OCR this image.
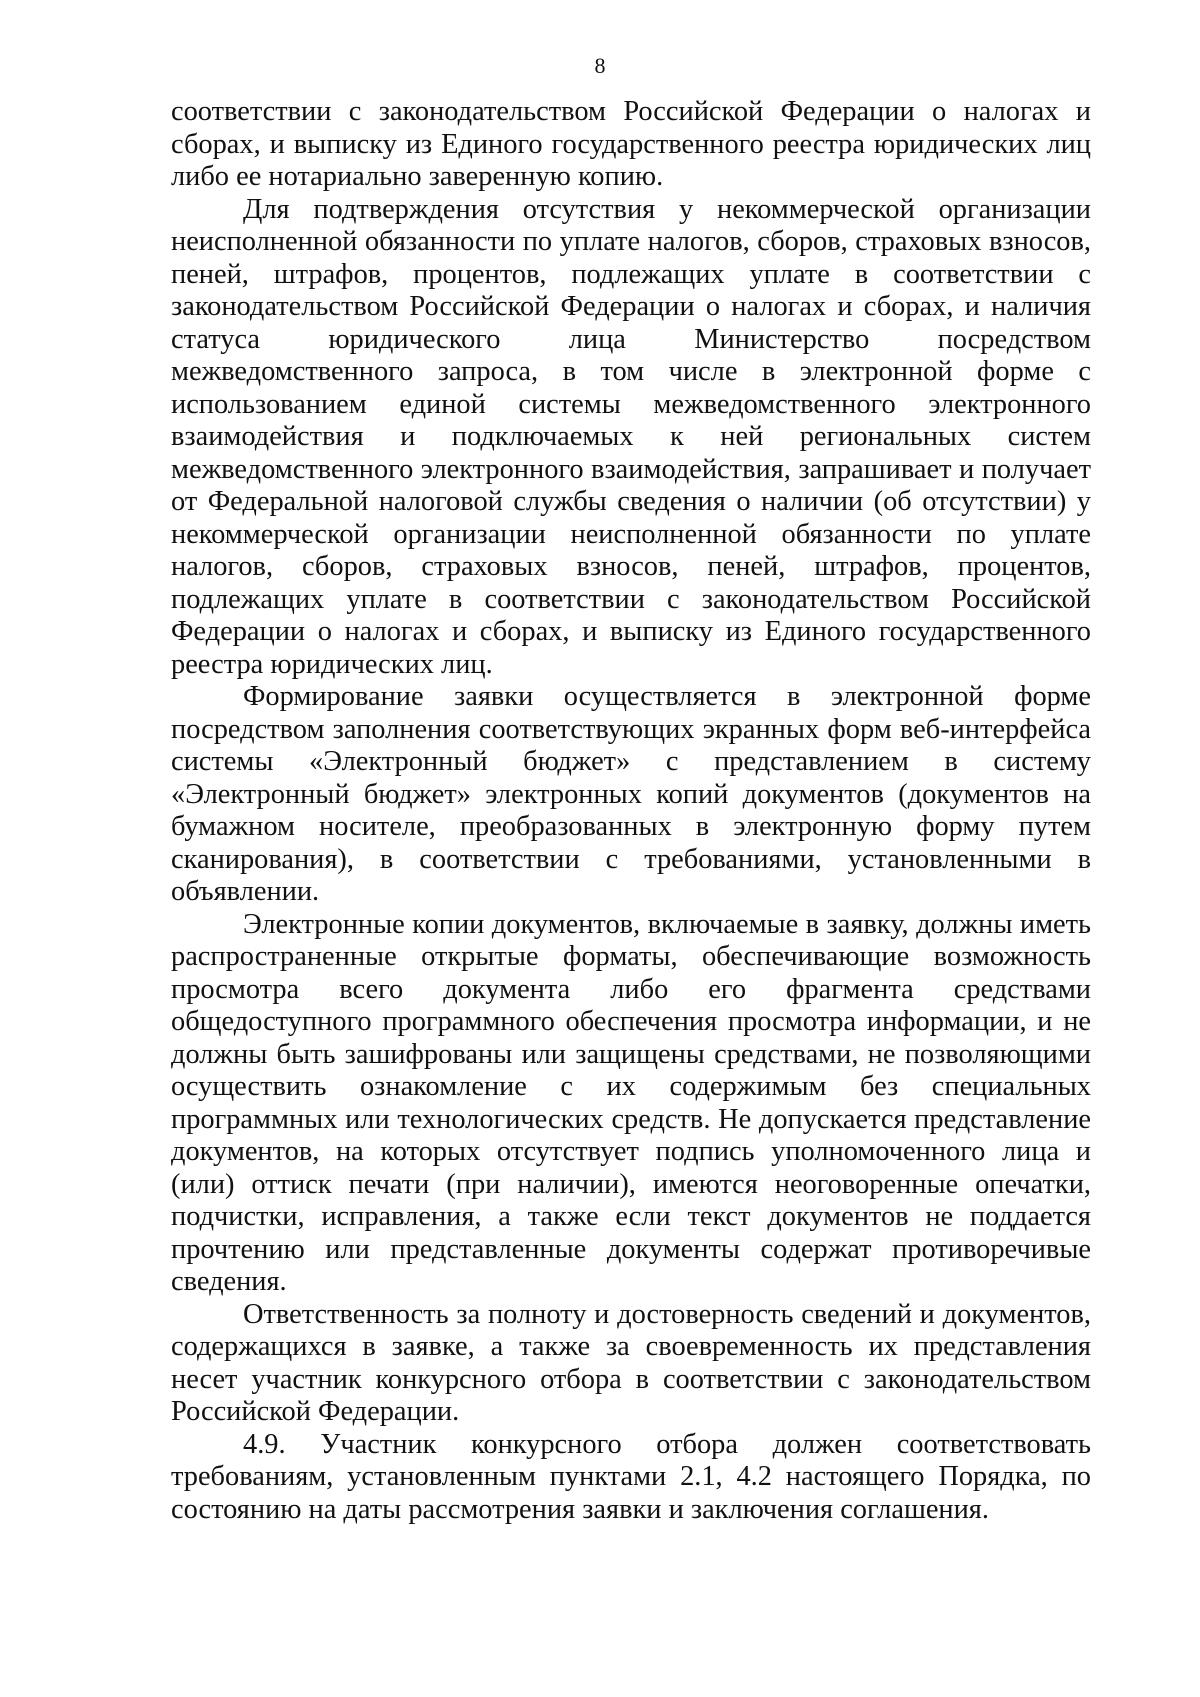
8

соответствии с законодательством Российской Федерации о налогах и сборах, и выписку из Единого государственного реестра юридических лиц либо ее нотариально заверенную копию.

Для подтверждения отсутствия у некоммерческой организации неисполненной обязанности по уплате налогов, сборов, страховых взносов, пеней, штрафов, процентов, подлежащих уплате в соответствии с законодательством Российской Федерации о налогах и сборах, и наличия статуса юридического лица Министерство посредством межведомственного запроса, в том числе в электронной форме с использованием единой системы межведомственного электронного взаимодействия и подключаемых к ней региональных систем межведомственного электронного взаимодействия, запрашивает и получает от Федеральной налоговой службы сведения о наличии (об отсутствии) у некоммерческой организации неисполненной обязанности по уплате налогов, сборов, страховых взносов, пеней, штрафов, процентов, подлежащих уплате в соответствии с законодательством Российской Федерации о налогах и сборах, и выписку из Единого государственного реестра юридических лиц.

Формирование заявки осуществляется в электронной форме посредством заполнения соответствующих экранных форм веб-интерфейса системы «Электронный бюджет» с представлением в систему «Электронный бюджет» электронных копий документов (документов на бумажном носителе, преобразованных в электронную форму путем сканирования), в соответствии с требованиями, установленными в объявлении.

Электронные копии документов, включаемые в заявку, должны иметь распространенные открытые форматы, обеспечивающие возможность просмотра всего документа либо его фрагмента средствами общедоступного программного обеспечения просмотра информации, и не должны быть зашифрованы или защищены средствами, не позволяющими осуществить ознакомление с их содержимым без специальных программных или технологических средств. Не допускается представление документов, на которых отсутствует подпись уполномоченного лица и (или) оттиск печати (при наличии), имеются неоговоренные опечатки, подчистки, исправления, а также если текст документов не поддается прочтению или представленные документы содержат противоречивые сведения.

Ответственность за полноту и достоверность сведений и документов, содержащихся в заявке, а также за своевременность их представления несет участник конкурсного отбора в соответствии с законодательством Российской Федерации.

4.9. Участник конкурсного отбора должен соответствовать требованиям, установленным пунктами 2.1, 4.2 настоящего Порядка, по состоянию на даты рассмотрения заявки и заключения соглашения.
